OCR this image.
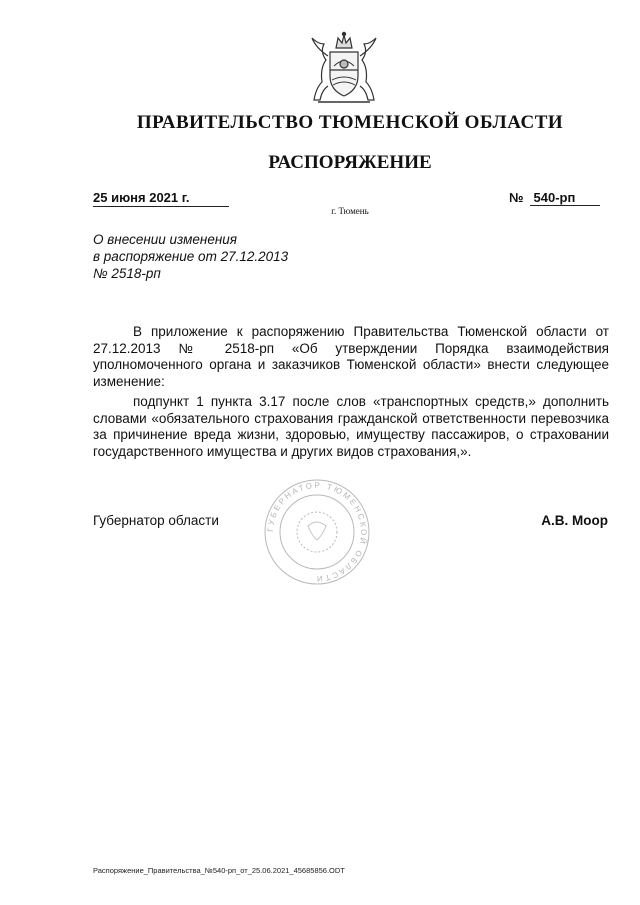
ПРАВИТЕЛЬСТВО ТЮМЕНСКОЙ ОБЛАСТИ
РАСПОРЯЖЕНИЕ
25 июня 2021 г.	№ 540-рп
г. Тюмень
О внесении изменения
в распоряжение от 27.12.2013
№ 2518-рп

В приложение к распоряжению Правительства Тюменской области от 27.12.2013 № 2518-рп «Об утверждении Порядка взаимодействия уполномоченного органа и заказчиков Тюменской области» внести следующее изменение:

подпункт 1 пункта 3.17 после слов «транспортных средств,» дополнить словами «обязательного страхования гражданской ответственности перевозчика за причинение вреда жизни, здоровью, имуществу пассажиров, о страховании государственного имущества и других видов страхования,».

ГУБЕРНАТОР ТЮМЕНСКОЙ ОБЛАСТИ
Губернатор области	А.В. Моор
Распоряжение_Правительства_№540-рп_от_25.06.2021_45685856.ODT
